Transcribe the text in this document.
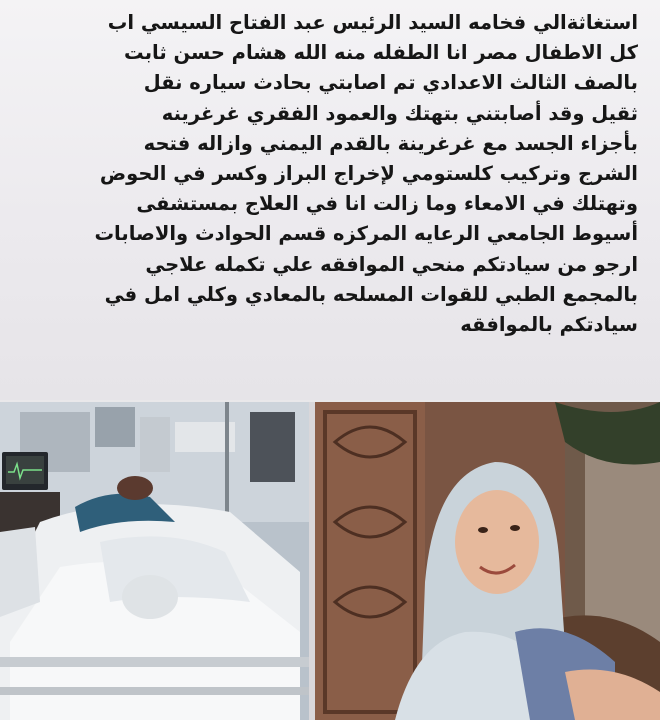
استغاثةالي فخامه السيد الرئيس عبد الفتاح السيسي اب
كل الاطفال مصر انا الطفله منه الله هشام حسن ثابت
بالصف الثالث الاعدادي تم اصابتي بحادث سياره نقل
ثقيل وقد أصابتني بتهتك والعمود الفقري غرغرينه
بأجزاء الجسد مع غرغرينة بالقدم اليمني وازاله فتحه
الشرج وتركيب كلستومي لإخراج البراز وكسر في الحوض
وتهتلك في الامعاء وما زالت انا في العلاج بمستشفى
أسيوط الجامعي الرعايه المركزه قسم الحوادث والاصابات
ارجو من سيادتكم منحي الموافقه علي تكمله علاجي
بالمجمع الطبي للقوات المسلحه بالمعادي وكلي امل في
سيادتكم بالموافقه
